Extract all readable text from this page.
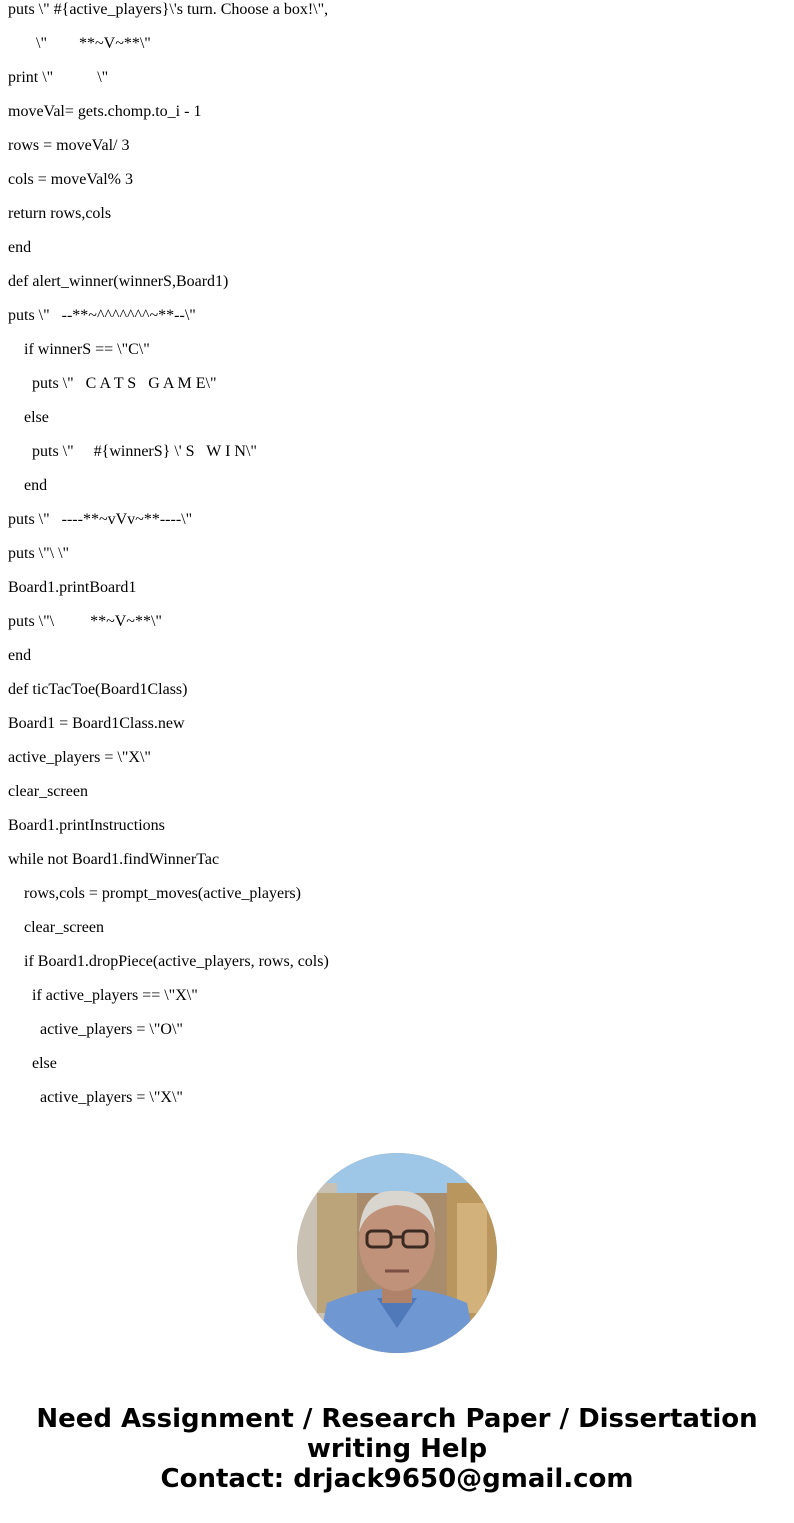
puts \" #{active_players}\'s turn. Choose a box!\",
\"        **~V~**\"
print \"           \"
moveVal= gets.chomp.to_i - 1
rows = moveVal/ 3
cols = moveVal% 3
return rows,cols
end
def alert_winner(winnerS,Board1)
puts \"   --**~^^^^^^^~**--\"
if winnerS == \"C\"
puts \"   C A T S   G A M E\"
else
puts \"     #{winnerS} \' S   W I N\"
end
puts \"   ----**~vVv~**----\"
puts \"\ \"
Board1.printBoard1
puts \"\         **~V~**\"
end
def ticTacToe(Board1Class)
Board1 = Board1Class.new
active_players = \"X\"
clear_screen
Board1.printInstructions
while not Board1.findWinnerTac
rows,cols = prompt_moves(active_players)
clear_screen
if Board1.dropPiece(active_players, rows, cols)
if active_players == \"X\"
active_players = \"O\"
else
active_players = \"X\"
Need Assignment / Research Paper / Dissertation
writing Help
Contact: drjack9650@gmail.com
